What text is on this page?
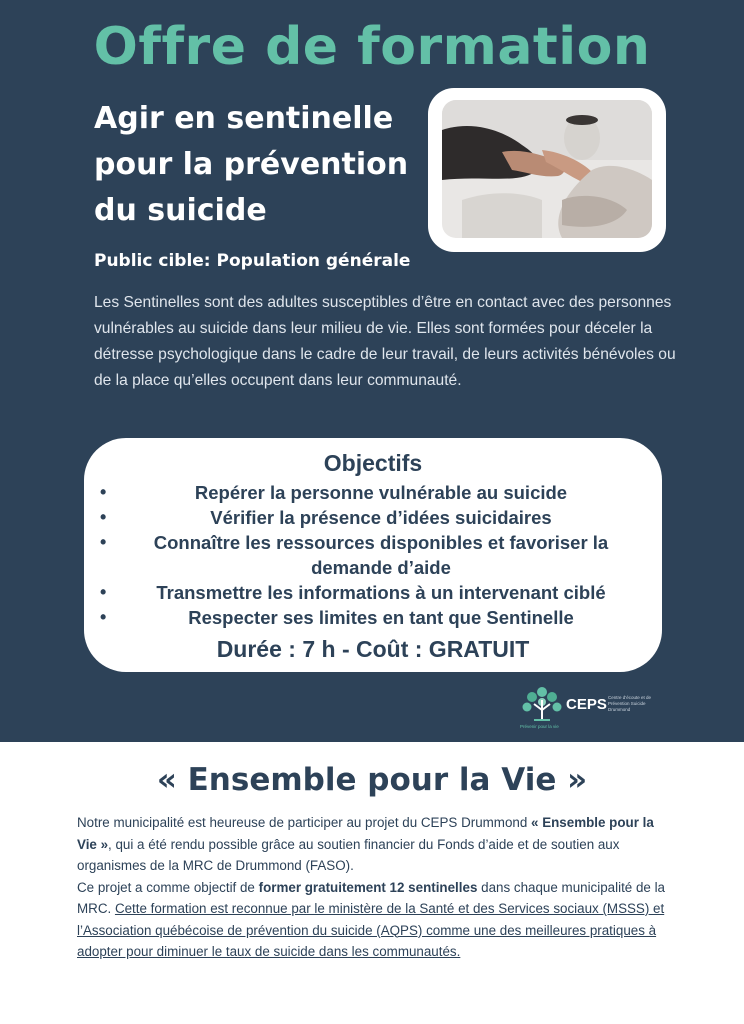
Offre de formation
Agir en sentinelle pour la prévention du suicide
Public cible: Population générale
Les Sentinelles sont des adultes susceptibles d’être en contact avec des personnes vulnérables au suicide dans leur milieu de vie. Elles sont formées pour déceler la détresse psychologique dans le cadre de leur travail, de leurs activités bénévoles ou de la place qu’elles occupent dans leur communauté.
Objectifs
•	Repérer la personne vulnérable au suicide
•	Vérifier la présence d’idées suicidaires
•	Connaître les ressources disponibles et favoriser la demande d’aide
•	Transmettre les informations à un intervenant ciblé
•	Respecter ses limites en tant que Sentinelle
Durée : 7 h - Coût : GRATUIT
CEPS Centre d’écoute et de Prévention Suicide Drummond
Prévenir pour la vie
« Ensemble pour la Vie »

Notre municipalité est heureuse de participer au projet du CEPS Drummond « Ensemble pour la Vie », qui a été rendu possible grâce au soutien financier du Fonds d’aide et de soutien aux organismes de la MRC de Drummond (FASO).

Ce projet a comme objectif de former gratuitement 12 sentinelles dans chaque municipalité de la MRC. Cette formation est reconnue par le ministère de la Santé et des Services sociaux (MSSS) et l’Association québécoise de prévention du suicide (AQPS) comme une des meilleures pratiques à adopter pour diminuer le taux de suicide dans les communautés.
